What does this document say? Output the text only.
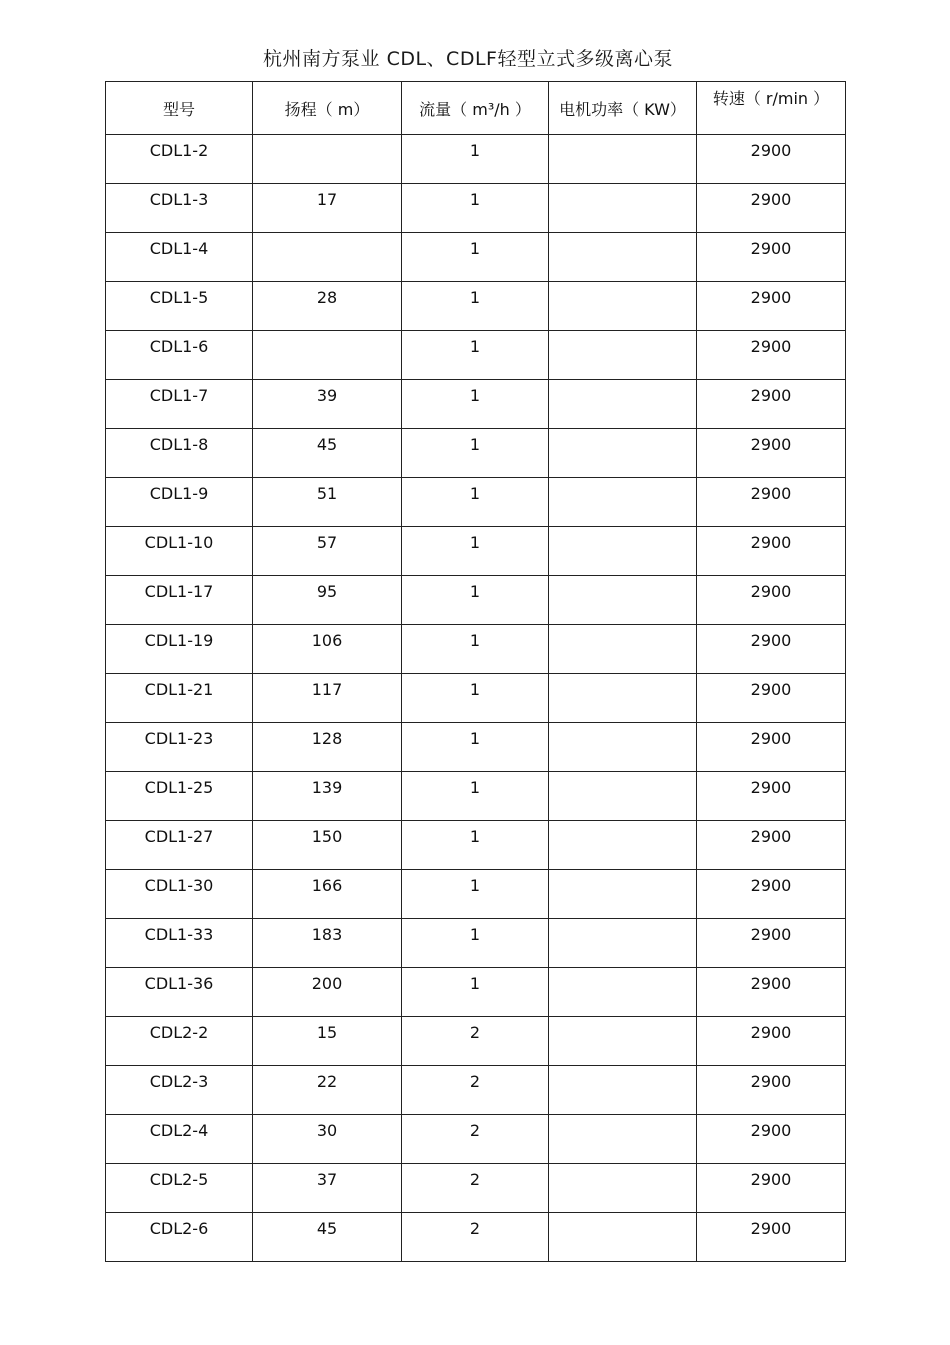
杭州南方泵业 CDL、CDLF轻型立式多级离心泵
型号	扬程（ m）	流量（ m³/h ）	电机功率（ KW）	转速（ r/min ）
CDL1-2		1		2900
CDL1-3	17	1		2900
CDL1-4		1		2900
CDL1-5	28	1		2900
CDL1-6		1		2900
CDL1-7	39	1		2900
CDL1-8	45	1		2900
CDL1-9	51	1		2900
CDL1-10	57	1		2900
CDL1-17	95	1		2900
CDL1-19	106	1		2900
CDL1-21	117	1		2900
CDL1-23	128	1		2900
CDL1-25	139	1		2900
CDL1-27	150	1		2900
CDL1-30	166	1		2900
CDL1-33	183	1		2900
CDL1-36	200	1		2900
CDL2-2	15	2		2900
CDL2-3	22	2		2900
CDL2-4	30	2		2900
CDL2-5	37	2		2900
CDL2-6	45	2		2900
